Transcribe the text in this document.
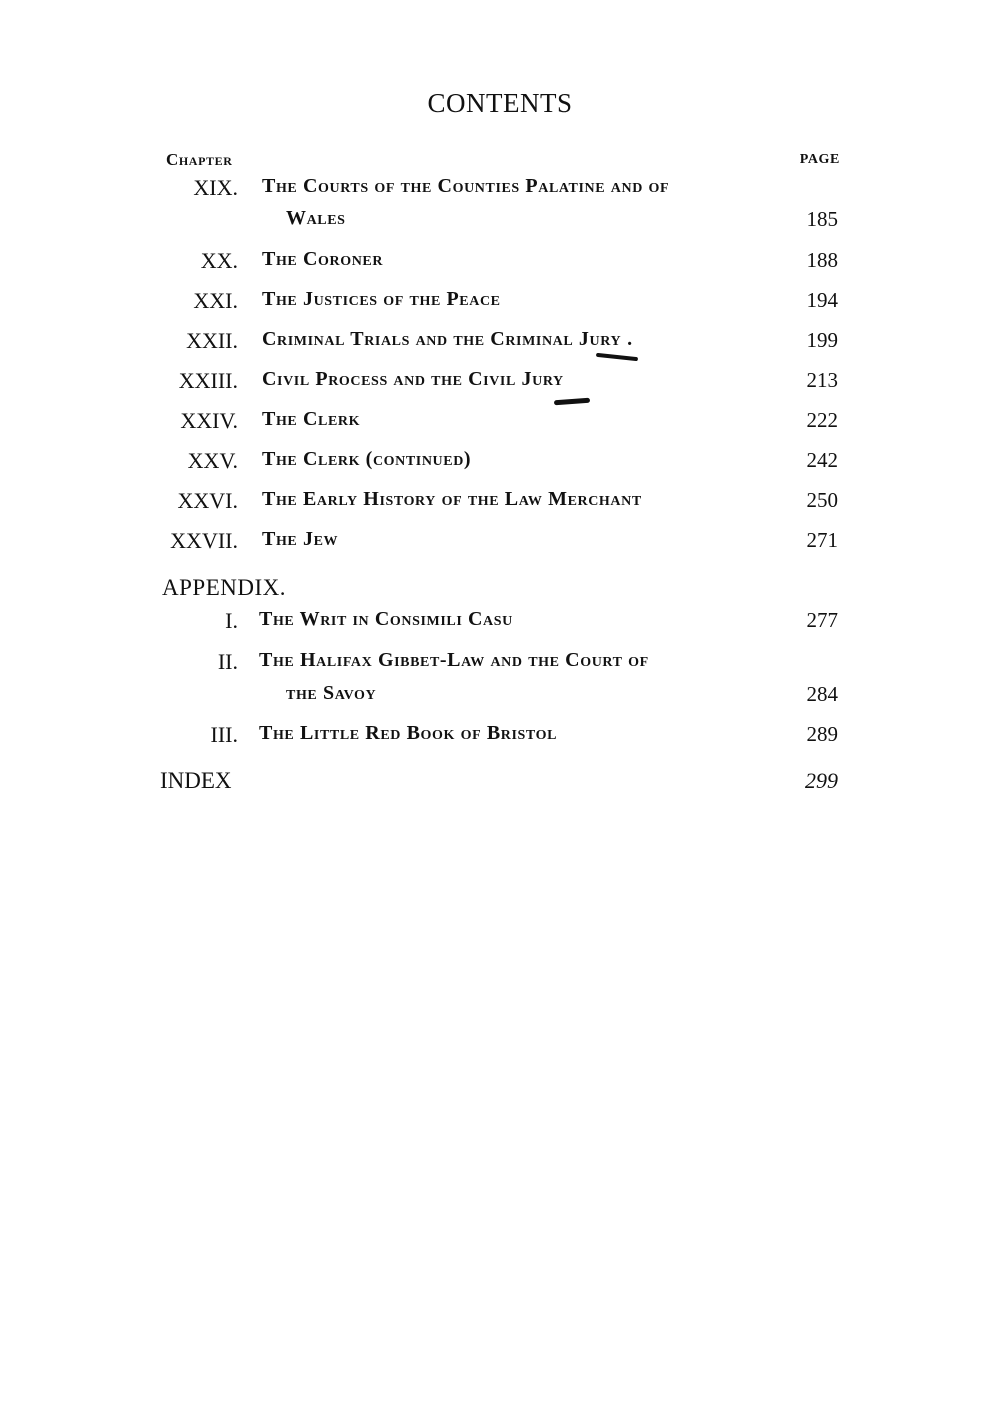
CONTENTS
Chapter	PAGE
XIX. The Courts of the Counties Palatine and of
Wales	185
XX. The Coroner	188
XXI. The Justices of the Peace	194
XXII. Criminal Trials and the Criminal Jury .	199
XXIII. Civil Process and the Civil Jury	213
XXIV. The Clerk	222
XXV. The Clerk (continued)	242
XXVI. The Early History of the Law Merchant	250
XXVII. The Jew	271
APPENDIX.
I. The Writ in Consimili Casu	277
II. The Halifax Gibbet-Law and the Court of
the Savoy	284
III. The Little Red Book of Bristol	289
INDEX	299
